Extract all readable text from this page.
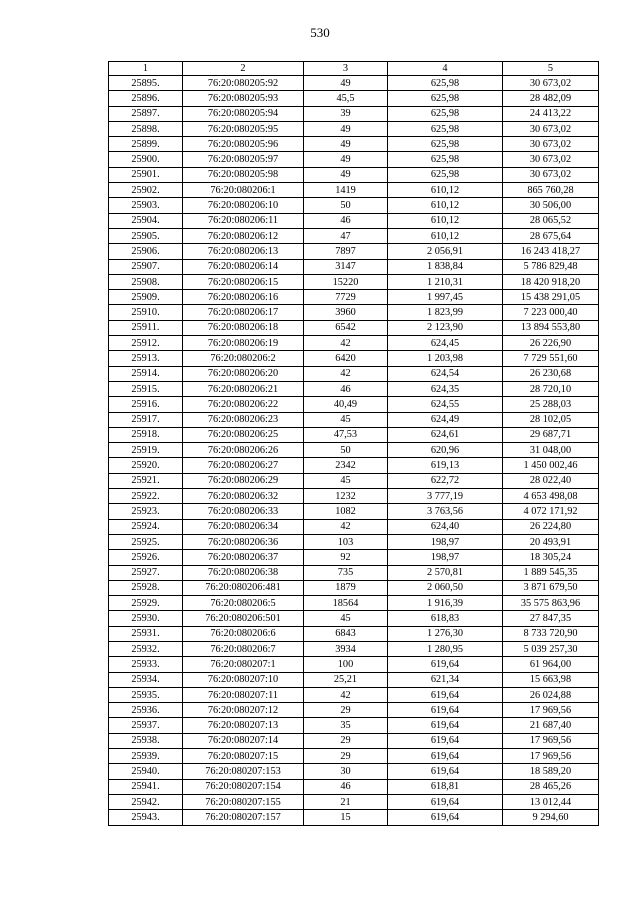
530
1	2	3	4	5
25895.	76:20:080205:92	49	625,98	30 673,02
25896.	76:20:080205:93	45,5	625,98	28 482,09
25897.	76:20:080205:94	39	625,98	24 413,22
25898.	76:20:080205:95	49	625,98	30 673,02
25899.	76:20:080205:96	49	625,98	30 673,02
25900.	76:20:080205:97	49	625,98	30 673,02
25901.	76:20:080205:98	49	625,98	30 673,02
25902.	76:20:080206:1	1419	610,12	865 760,28
25903.	76:20:080206:10	50	610,12	30 506,00
25904.	76:20:080206:11	46	610,12	28 065,52
25905.	76:20:080206:12	47	610,12	28 675,64
25906.	76:20:080206:13	7897	2 056,91	16 243 418,27
25907.	76:20:080206:14	3147	1 838,84	5 786 829,48
25908.	76:20:080206:15	15220	1 210,31	18 420 918,20
25909.	76:20:080206:16	7729	1 997,45	15 438 291,05
25910.	76:20:080206:17	3960	1 823,99	7 223 000,40
25911.	76:20:080206:18	6542	2 123,90	13 894 553,80
25912.	76:20:080206:19	42	624,45	26 226,90
25913.	76:20:080206:2	6420	1 203,98	7 729 551,60
25914.	76:20:080206:20	42	624,54	26 230,68
25915.	76:20:080206:21	46	624,35	28 720,10
25916.	76:20:080206:22	40,49	624,55	25 288,03
25917.	76:20:080206:23	45	624,49	28 102,05
25918.	76:20:080206:25	47,53	624,61	29 687,71
25919.	76:20:080206:26	50	620,96	31 048,00
25920.	76:20:080206:27	2342	619,13	1 450 002,46
25921.	76:20:080206:29	45	622,72	28 022,40
25922.	76:20:080206:32	1232	3 777,19	4 653 498,08
25923.	76:20:080206:33	1082	3 763,56	4 072 171,92
25924.	76:20:080206:34	42	624,40	26 224,80
25925.	76:20:080206:36	103	198,97	20 493,91
25926.	76:20:080206:37	92	198,97	18 305,24
25927.	76:20:080206:38	735	2 570,81	1 889 545,35
25928.	76:20:080206:481	1879	2 060,50	3 871 679,50
25929.	76:20:080206:5	18564	1 916,39	35 575 863,96
25930.	76:20:080206:501	45	618,83	27 847,35
25931.	76:20:080206:6	6843	1 276,30	8 733 720,90
25932.	76:20:080206:7	3934	1 280,95	5 039 257,30
25933.	76:20:080207:1	100	619,64	61 964,00
25934.	76:20:080207:10	25,21	621,34	15 663,98
25935.	76:20:080207:11	42	619,64	26 024,88
25936.	76:20:080207:12	29	619,64	17 969,56
25937.	76:20:080207:13	35	619,64	21 687,40
25938.	76:20:080207:14	29	619,64	17 969,56
25939.	76:20:080207:15	29	619,64	17 969,56
25940.	76:20:080207:153	30	619,64	18 589,20
25941.	76:20:080207:154	46	618,81	28 465,26
25942.	76:20:080207:155	21	619,64	13 012,44
25943.	76:20:080207:157	15	619,64	9 294,60
